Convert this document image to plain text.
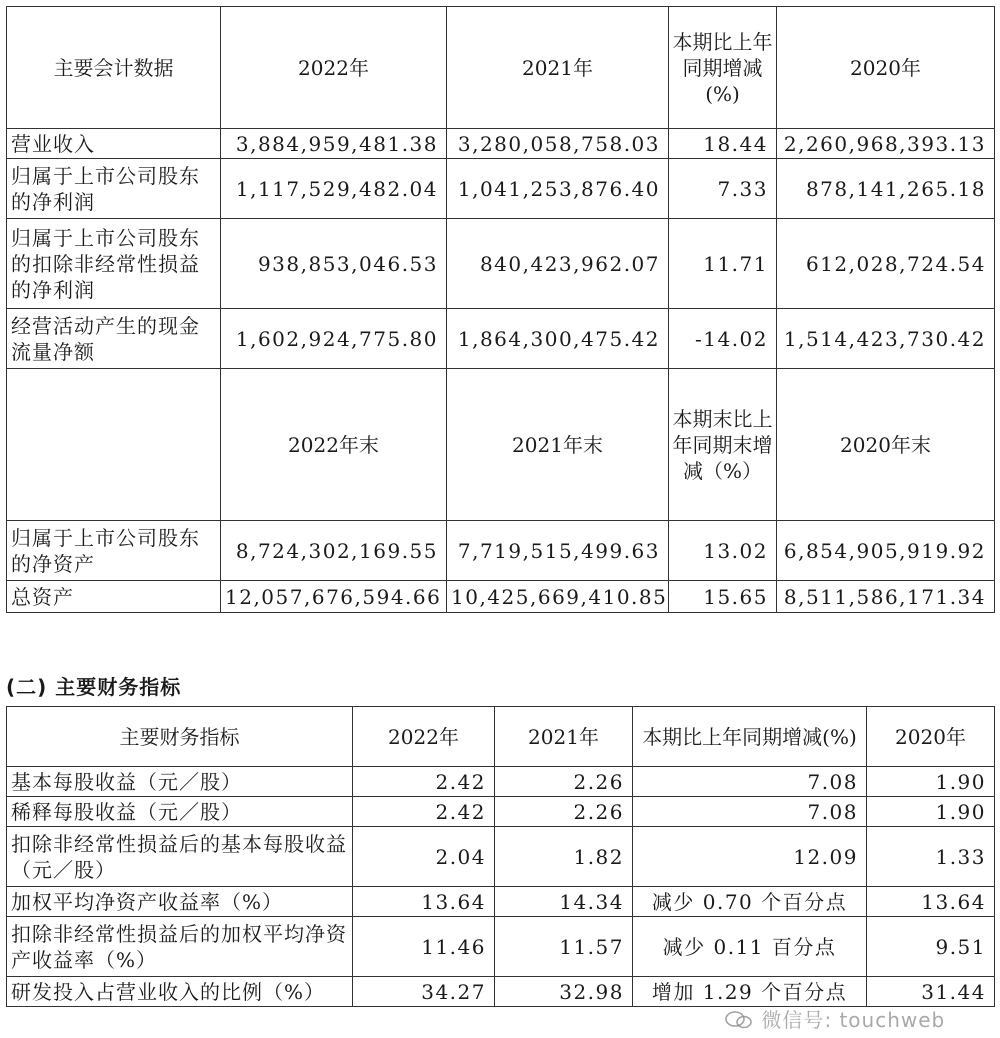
主要会计数据	2022年	2021年	本期比上年同期增减(%)	2020年
营业收入	3,884,959,481.38	3,280,058,758.03	18.44	2,260,968,393.13
归属于上市公司股东的净利润	1,117,529,482.04	1,041,253,876.40	7.33	878,141,265.18
归属于上市公司股东的扣除非经常性损益的净利润	938,853,046.53	840,423,962.07	11.71	612,028,724.54
经营活动产生的现金流量净额	1,602,924,775.80	1,864,300,475.42	-14.02	1,514,423,730.42
	2022年末	2021年末	本期末比上年同期末增减（%）	2020年末
归属于上市公司股东的净资产	8,724,302,169.55	7,719,515,499.63	13.02	6,854,905,919.92
总资产	12,057,676,594.66	10,425,669,410.85	15.65	8,511,586,171.34
(二) 主要财务指标
主要财务指标	2022年	2021年	本期比上年同期增减(%)	2020年
基本每股收益（元／股）	2.42	2.26	7.08	1.90
稀释每股收益（元／股）	2.42	2.26	7.08	1.90
扣除非经常性损益后的基本每股收益（元／股）	2.04	1.82	12.09	1.33
加权平均净资产收益率（%）	13.64	14.34	减少 0.70 个百分点	13.64
扣除非经常性损益后的加权平均净资产收益率（%）	11.46	11.57	减少 0.11 百分点	9.51
研发投入占营业收入的比例（%）	34.27	32.98	增加 1.29 个百分点	31.44
微信号: touchweb
